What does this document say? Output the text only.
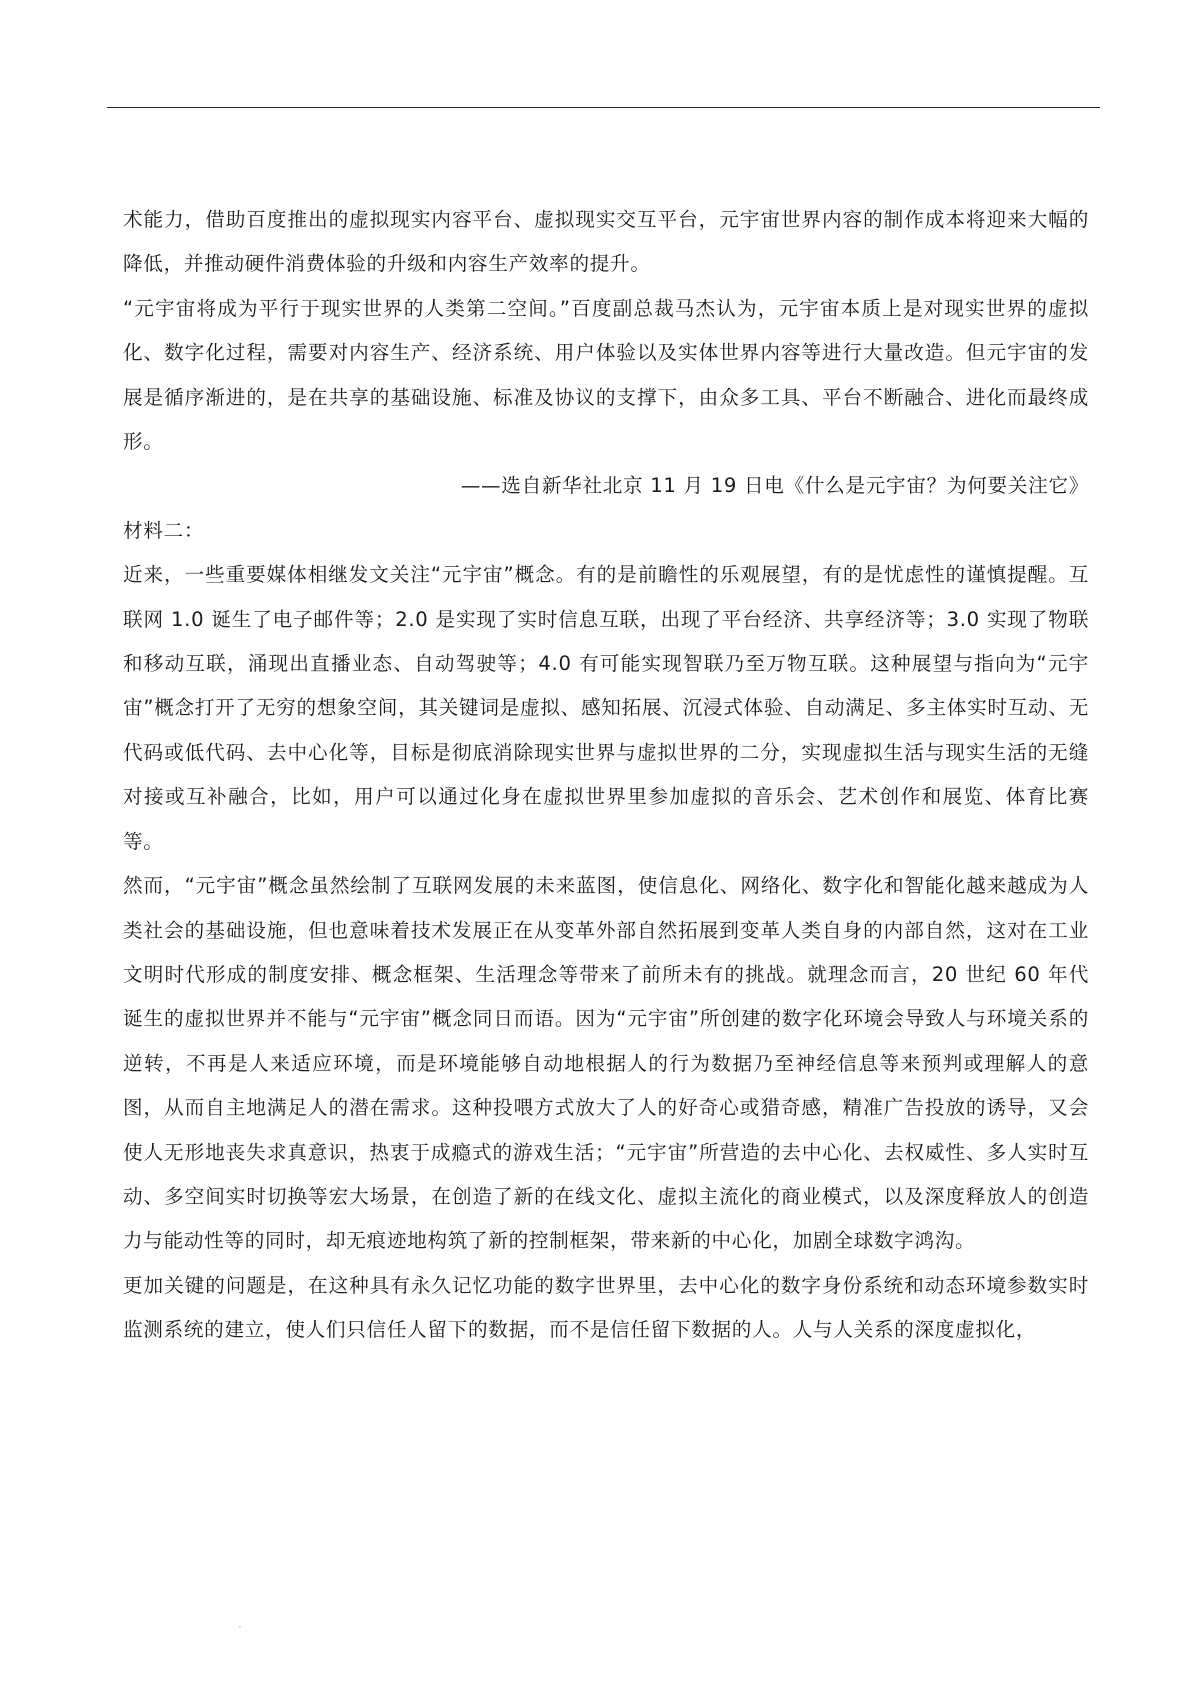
术能力，借助百度推出的虚拟现实内容平台、虚拟现实交互平台，元宇宙世界内容的制作成本将迎来大幅的降低，并推动硬件消费体验的升级和内容生产效率的提升。

“元宇宙将成为平行于现实世界的人类第二空间。”百度副总裁马杰认为，元宇宙本质上是对现实世界的虚拟化、数字化过程，需要对内容生产、经济系统、用户体验以及实体世界内容等进行大量改造。但元宇宙的发展是循序渐进的，是在共享的基础设施、标准及协议的支撑下，由众多工具、平台不断融合、进化而最终成形。

——选自新华社北京 11 月 19 日电《什么是元宇宙？为何要关注它》

材料二：

近来，一些重要媒体相继发文关注“元宇宙”概念。有的是前瞻性的乐观展望，有的是忧虑性的谨慎提醒。互联网 1.0 诞生了电子邮件等；2.0 是实现了实时信息互联，出现了平台经济、共享经济等；3.0 实现了物联和移动互联，涌现出直播业态、自动驾驶等；4.0 有可能实现智联乃至万物互联。这种展望与指向为“元宇宙”概念打开了无穷的想象空间，其关键词是虚拟、感知拓展、沉浸式体验、自动满足、多主体实时互动、无代码或低代码、去中心化等，目标是彻底消除现实世界与虚拟世界的二分，实现虚拟生活与现实生活的无缝对接或互补融合，比如，用户可以通过化身在虚拟世界里参加虚拟的音乐会、艺术创作和展览、体育比赛等。

然而，“元宇宙”概念虽然绘制了互联网发展的未来蓝图，使信息化、网络化、数字化和智能化越来越成为人类社会的基础设施，但也意味着技术发展正在从变革外部自然拓展到变革人类自身的内部自然，这对在工业文明时代形成的制度安排、概念框架、生活理念等带来了前所未有的挑战。就理念而言，20 世纪 60 年代诞生的虚拟世界并不能与“元宇宙”概念同日而语。因为“元宇宙”所创建的数字化环境会导致人与环境关系的逆转，不再是人来适应环境，而是环境能够自动地根据人的行为数据乃至神经信息等来预判或理解人的意图，从而自主地满足人的潜在需求。这种投喂方式放大了人的好奇心或猎奇感，精准广告投放的诱导，又会使人无形地丧失求真意识，热衷于成瘾式的游戏生活；“元宇宙”所营造的去中心化、去权威性、多人实时互动、多空间实时切换等宏大场景，在创造了新的在线文化、虚拟主流化的商业模式，以及深度释放人的创造力与能动性等的同时，却无痕迹地构筑了新的控制框架，带来新的中心化，加剧全球数字鸿沟。

更加关键的问题是，在这种具有永久记忆功能的数字世界里，去中心化的数字身份系统和动态环境参数实时监测系统的建立，使人们只信任人留下的数据，而不是信任留下数据的人。人与人关系的深度虚拟化，

·
